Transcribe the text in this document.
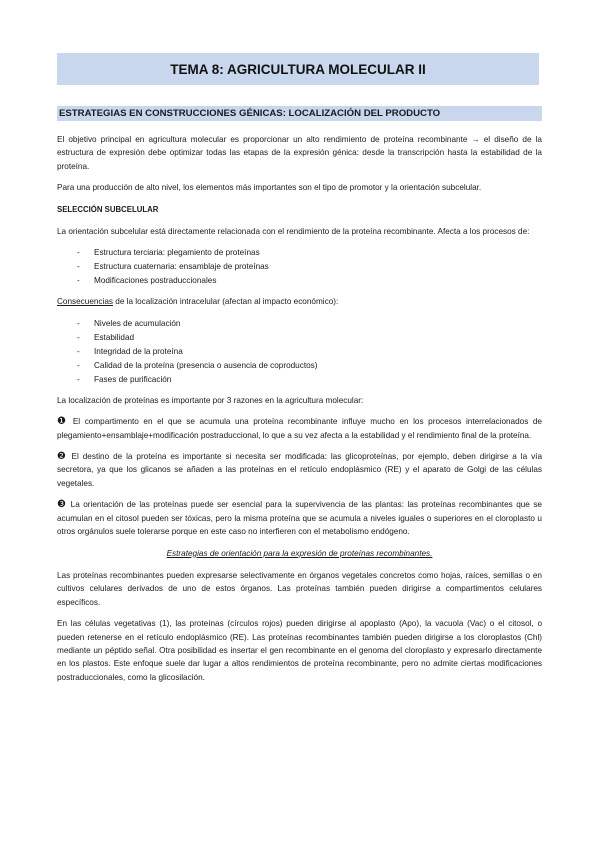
TEMA 8: AGRICULTURA MOLECULAR II
ESTRATEGIAS EN CONSTRUCCIONES GÉNICAS: LOCALIZACIÓN DEL PRODUCTO

El objetivo principal en agricultura molecular es proporcionar un alto rendimiento de proteína recombinante → el diseño de la estructura de expresión debe optimizar todas las etapas de la expresión génica: desde la transcripción hasta la estabilidad de la proteína.

Para una producción de alto nivel, los elementos más importantes son el tipo de promotor y la orientación subcelular.

SELECCIÓN SUBCELULAR

La orientación subcelular está directamente relacionada con el rendimiento de la proteína recombinante. Afecta a los procesos de:

- Estructura terciaria: plegamiento de proteínas
- Estructura cuaternaria: ensamblaje de proteínas
- Modificaciones postraduccionales

Consecuencias de la localización intracelular (afectan al impacto económico):

- Niveles de acumulación
- Estabilidad
- Integridad de la proteína
- Calidad de la proteína (presencia o ausencia de coproductos)
- Fases de purificación

La localización de proteínas es importante por 3 razones en la agricultura molecular:

❶ El compartimento en el que se acumula una proteína recombinante influye mucho en los procesos interrelacionados de plegamiento+ensamblaje+modificación postraduccional, lo que a su vez afecta a la estabilidad y el rendimiento final de la proteína.

❷ El destino de la proteína es importante si necesita ser modificada: las glicoproteínas, por ejemplo, deben dirigirse a la vía secretora, ya que los glicanos se añaden a las proteínas en el retículo endoplásmico (RE) y el aparato de Golgi de las células vegetales.

❸ La orientación de las proteínas puede ser esencial para la supervivencia de las plantas: las proteínas recombinantes que se acumulan en el citosol pueden ser tóxicas, pero la misma proteína que se acumula a niveles iguales o superiores en el cloroplasto u otros orgánulos suele tolerarse porque en este caso no interfieren con el metabolismo endógeno.

Estrategias de orientación para la expresión de proteínas recombinantes.

Las proteínas recombinantes pueden expresarse selectivamente en órganos vegetales concretos como hojas, raíces, semillas o en cultivos celulares derivados de uno de estos órganos. Las proteínas también pueden dirigirse a compartimentos celulares específicos.

En las células vegetativas (1), las proteínas (círculos rojos) pueden dirigirse al apoplasto (Apo), la vacuola (Vac) o el citosol, o pueden retenerse en el retículo endoplásmico (RE). Las proteínas recombinantes también pueden dirigirse a los cloroplastos (Chl) mediante un péptido señal. Otra posibilidad es insertar el gen recombinante en el genoma del cloroplasto y expresarlo directamente en los plastos. Este enfoque suele dar lugar a altos rendimientos de proteína recombinante, pero no admite ciertas modificaciones postraduccionales, como la glicosilación.
